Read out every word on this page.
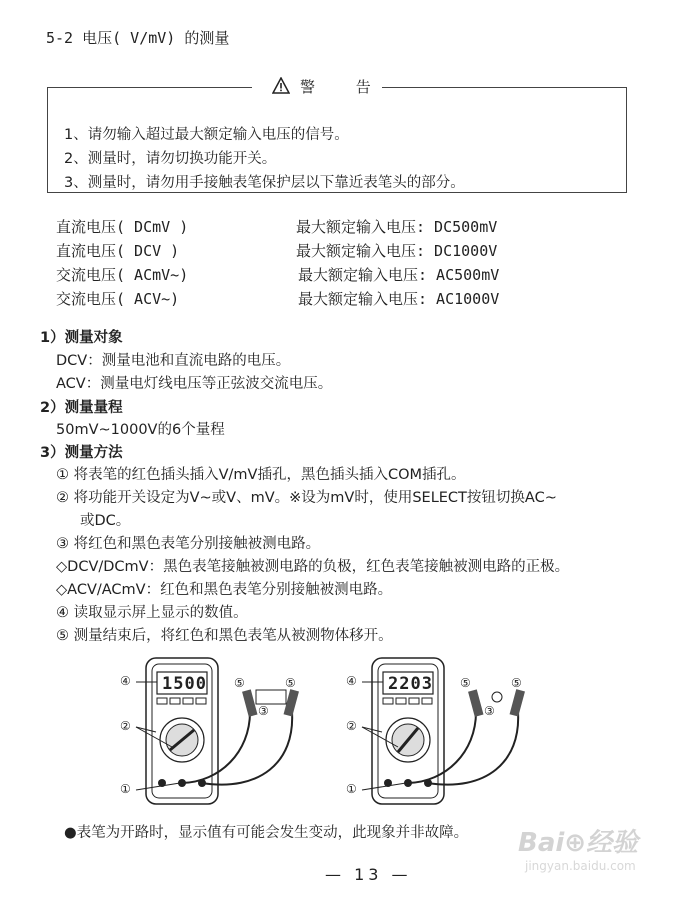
5-2 电压( V/mV) 的测量
警 告
1、请勿输入超过最大额定输入电压的信号。
2、测量时，请勿切换功能开关。
3、测量时，请勿用手接触表笔保护层以下靠近表笔头的部分。
直流电压( DCmV )	最大额定输入电压: DC500mV
直流电压( DCV )	最大额定输入电压: DC1000V
交流电压( ACmV~)	最大额定输入电压: AC500mV
交流电压( ACV~)	最大额定输入电压: AC1000V
1）测量对象
DCV：测量电池和直流电路的电压。
ACV：测量电灯线电压等正弦波交流电压。
2）测量量程
50mV~1000V的6个量程
3）测量方法
① 将表笔的红色插头插入V/mV插孔，黑色插头插入COM插孔。
② 将功能开关设定为V~或V、mV。※设为mV时，使用SELECT按钮切换AC~
或DC。
③ 将红色和黑色表笔分别接触被测电路。
◇DCV/DCmV：黑色表笔接触被测电路的负极，红色表笔接触被测电路的正极。
◇ACV/ACmV：红色和黑色表笔分别接触被测电路。
④ 读取显示屏上显示的数值。
⑤ 测量结束后，将红色和黑色表笔从被测物体移开。
1500
④
②
①
⑤	⑤
③
2203
④
②
①
⑤	⑤
③
●表笔为开路时，显示值有可能会发生变动，此现象并非故障。
— 13 —
Bai⊕经验
jingyan.baidu.com
